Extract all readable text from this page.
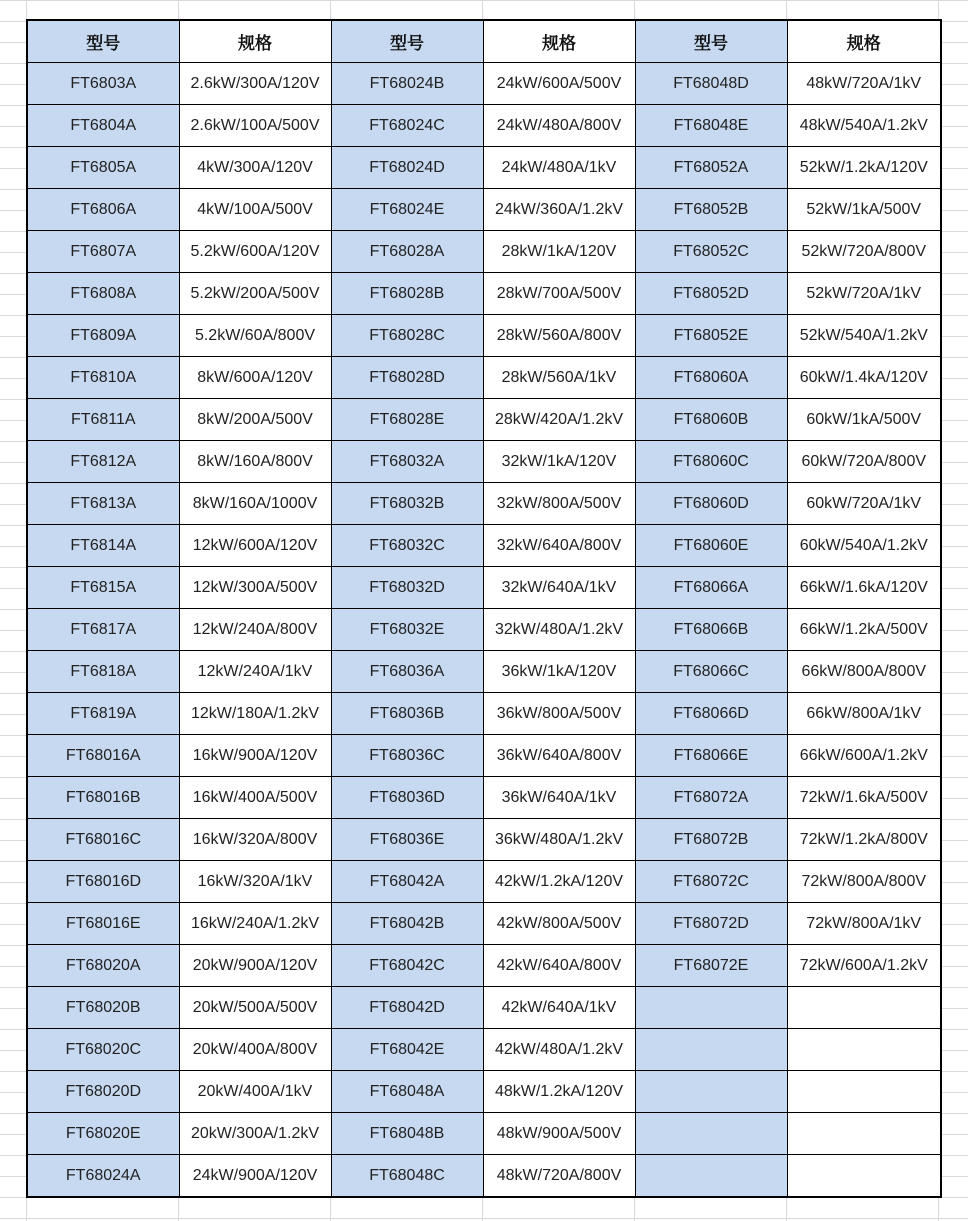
型号	规格	型号	规格	型号	规格
FT6803A	2.6kW/300A/120V	FT68024B	24kW/600A/500V	FT68048D	48kW/720A/1kV
FT6804A	2.6kW/100A/500V	FT68024C	24kW/480A/800V	FT68048E	48kW/540A/1.2kV
FT6805A	4kW/300A/120V	FT68024D	24kW/480A/1kV	FT68052A	52kW/1.2kA/120V
FT6806A	4kW/100A/500V	FT68024E	24kW/360A/1.2kV	FT68052B	52kW/1kA/500V
FT6807A	5.2kW/600A/120V	FT68028A	28kW/1kA/120V	FT68052C	52kW/720A/800V
FT6808A	5.2kW/200A/500V	FT68028B	28kW/700A/500V	FT68052D	52kW/720A/1kV
FT6809A	5.2kW/60A/800V	FT68028C	28kW/560A/800V	FT68052E	52kW/540A/1.2kV
FT6810A	8kW/600A/120V	FT68028D	28kW/560A/1kV	FT68060A	60kW/1.4kA/120V
FT6811A	8kW/200A/500V	FT68028E	28kW/420A/1.2kV	FT68060B	60kW/1kA/500V
FT6812A	8kW/160A/800V	FT68032A	32kW/1kA/120V	FT68060C	60kW/720A/800V
FT6813A	8kW/160A/1000V	FT68032B	32kW/800A/500V	FT68060D	60kW/720A/1kV
FT6814A	12kW/600A/120V	FT68032C	32kW/640A/800V	FT68060E	60kW/540A/1.2kV
FT6815A	12kW/300A/500V	FT68032D	32kW/640A/1kV	FT68066A	66kW/1.6kA/120V
FT6817A	12kW/240A/800V	FT68032E	32kW/480A/1.2kV	FT68066B	66kW/1.2kA/500V
FT6818A	12kW/240A/1kV	FT68036A	36kW/1kA/120V	FT68066C	66kW/800A/800V
FT6819A	12kW/180A/1.2kV	FT68036B	36kW/800A/500V	FT68066D	66kW/800A/1kV
FT68016A	16kW/900A/120V	FT68036C	36kW/640A/800V	FT68066E	66kW/600A/1.2kV
FT68016B	16kW/400A/500V	FT68036D	36kW/640A/1kV	FT68072A	72kW/1.6kA/500V
FT68016C	16kW/320A/800V	FT68036E	36kW/480A/1.2kV	FT68072B	72kW/1.2kA/800V
FT68016D	16kW/320A/1kV	FT68042A	42kW/1.2kA/120V	FT68072C	72kW/800A/800V
FT68016E	16kW/240A/1.2kV	FT68042B	42kW/800A/500V	FT68072D	72kW/800A/1kV
FT68020A	20kW/900A/120V	FT68042C	42kW/640A/800V	FT68072E	72kW/600A/1.2kV
FT68020B	20kW/500A/500V	FT68042D	42kW/640A/1kV		
FT68020C	20kW/400A/800V	FT68042E	42kW/480A/1.2kV		
FT68020D	20kW/400A/1kV	FT68048A	48kW/1.2kA/120V		
FT68020E	20kW/300A/1.2kV	FT68048B	48kW/900A/500V		
FT68024A	24kW/900A/120V	FT68048C	48kW/720A/800V		
